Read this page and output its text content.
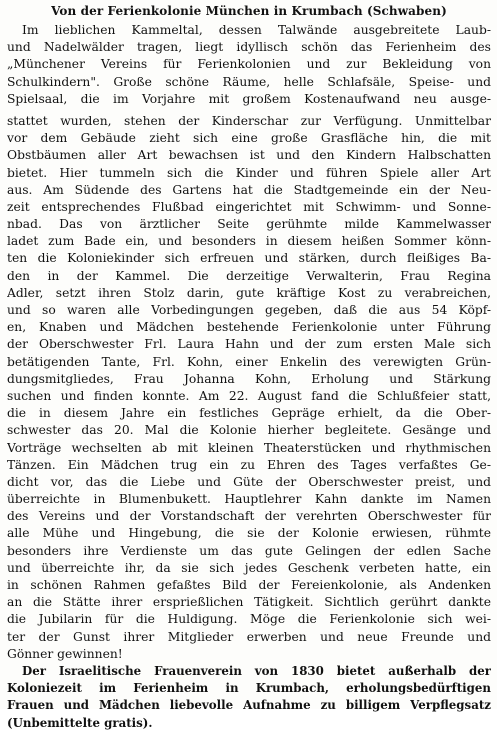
Von der Ferienkolonie München in Krumbach (Schwaben)
Im lieblichen Kammeltal, dessen Talwände ausgebreitete Laub-
und Nadelwälder tragen, liegt idyllisch schön das Ferienheim des
„Münchener Vereins für Ferienkolonien und zur Bekleidung von
Schulkindern". Große schöne Räume, helle Schlafsäle, Speise- und
Spielsaal, die im Vorjahre mit großem Kostenaufwand neu ausge-
stattet wurden, stehen der Kinderschar zur Verfügung. Unmittelbar
vor dem Gebäude zieht sich eine große Grasfläche hin, die mit
Obstbäumen aller Art bewachsen ist und den Kindern Halbschatten
bietet. Hier tummeln sich die Kinder und führen Spiele aller Art
aus. Am Südende des Gartens hat die Stadtgemeinde ein der Neu-
zeit entsprechendes Flußbad eingerichtet mit Schwimm- und Sonne-
nbad. Das von ärztlicher Seite gerühmte milde Kammelwasser
ladet zum Bade ein, und besonders in diesem heißen Sommer könn-
ten die Koloniekinder sich erfreuen und stärken, durch fleißiges Ba-
den in der Kammel. Die derzeitige Verwalterin, Frau Regina
Adler, setzt ihren Stolz darin, gute kräftige Kost zu verabreichen,
und so waren alle Vorbedingungen gegeben, daß die aus 54 Köpf-
en, Knaben und Mädchen bestehende Ferienkolonie unter Führung
der Oberschwester Frl. Laura Hahn und der zum ersten Male sich
betätigenden Tante, Frl. Kohn, einer Enkelin des verewigten Grün-
dungsmitgliedes, Frau Johanna Kohn, Erholung und Stärkung
suchen und finden konnte. Am 22. August fand die Schlußfeier statt,
die in diesem Jahre ein festliches Gepräge erhielt, da die Ober-
schwester das 20. Mal die Kolonie hierher begleitete. Gesänge und
Vorträge wechselten ab mit kleinen Theaterstücken und rhythmischen
Tänzen. Ein Mädchen trug ein zu Ehren des Tages verfaßtes Ge-
dicht vor, das die Liebe und Güte der Oberschwester preist, und
überreichte in Blumenbukett. Hauptlehrer Kahn dankte im Namen
des Vereins und der Vorstandschaft der verehrten Oberschwester für
alle Mühe und Hingebung, die sie der Kolonie erwiesen, rühmte
besonders ihre Verdienste um das gute Gelingen der edlen Sache
und überreichte ihr, da sie sich jedes Geschenk verbeten hatte, ein
in schönen Rahmen gefaßtes Bild der Fereienkolonie, als Andenken
an die Stätte ihrer ersprießlichen Tätigkeit. Sichtlich gerührt dankte
die Jubilarin für die Huldigung. Möge die Ferienkolonie sich wei-
ter der Gunst ihrer Mitglieder erwerben und neue Freunde und
Gönner gewinnen!
Der Israelitische Frauenverein von 1830 bietet außerhalb der
Koloniezeit im Ferienheim in Krumbach, erholungsbedürftigen
Frauen und Mädchen liebevolle Aufnahme zu billigem Verpflegsatz
(Unbemittelte gratis).
